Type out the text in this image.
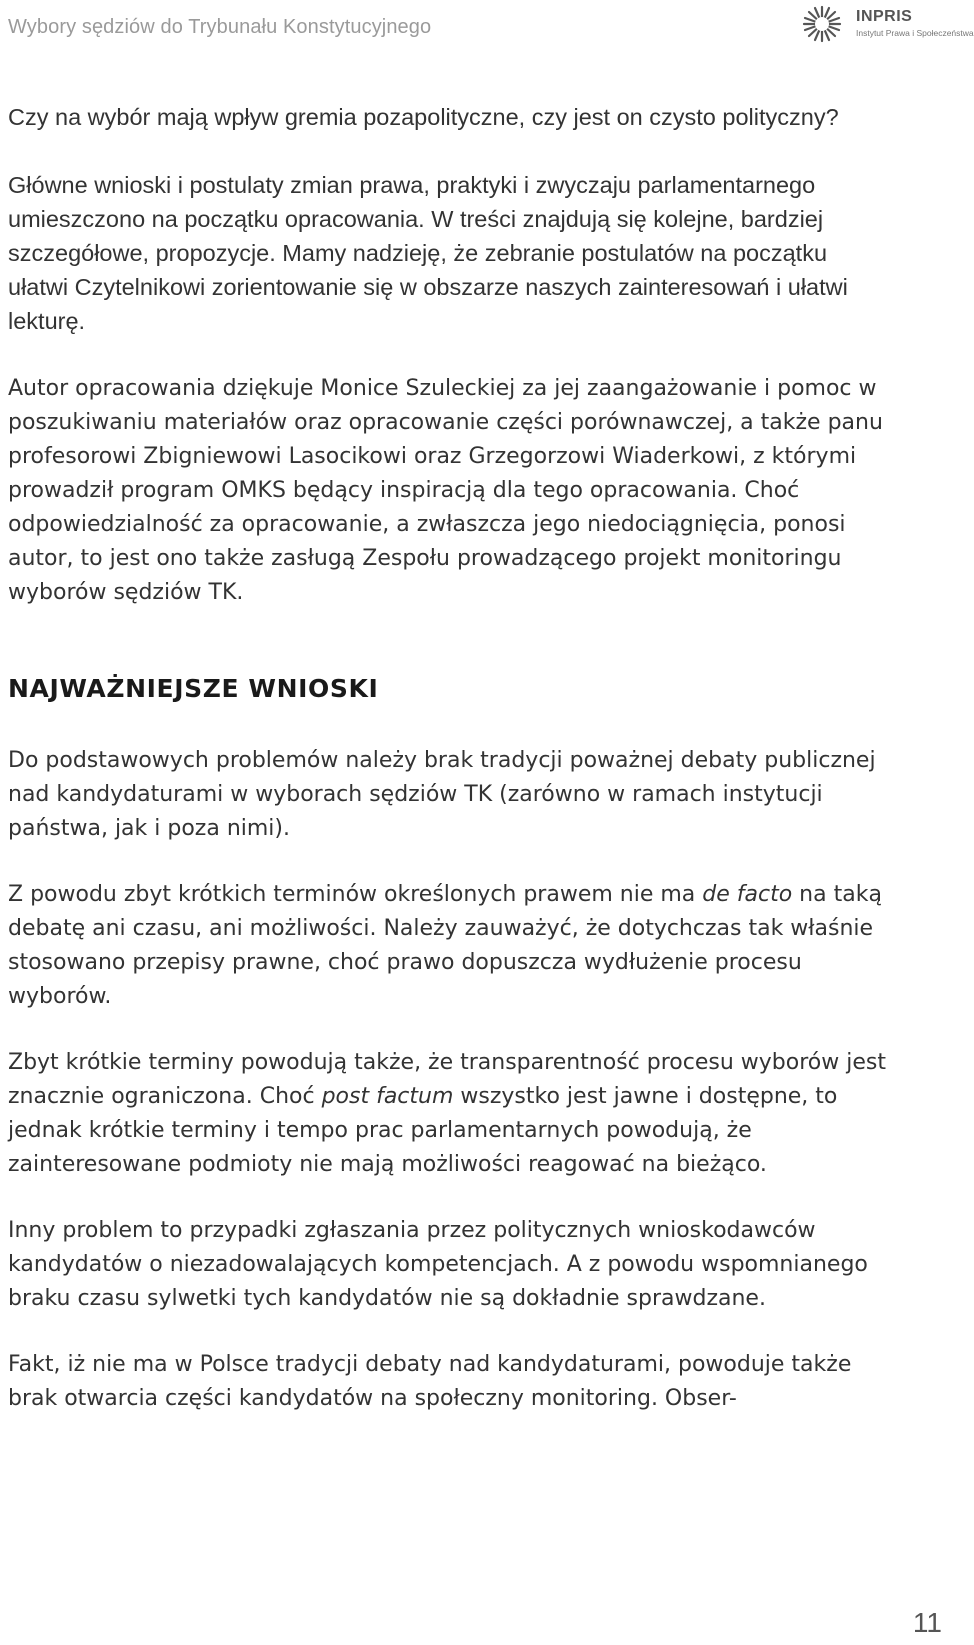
Wybory sędziów do Trybunału Konstytucyjnego	INPRIS
Instytut Prawa i Społeczeństwa

Czy na wybór mają wpływ gremia pozapolityczne, czy jest on czysto polityczny?

Główne wnioski i postulaty zmian prawa, praktyki i zwyczaju parlamentarnego umieszczono na początku opracowania. W treści znajdują się kolejne, bardziej szczegółowe, propozycje. Mamy nadzieję, że zebranie postulatów na początku ułatwi Czytelnikowi zorientowanie się w obszarze naszych zainteresowań i ułatwi lekturę.

Autor opracowania dziękuje Monice Szuleckiej za jej zaangażowanie i pomoc w poszukiwaniu materiałów oraz opracowanie części porównawczej, a także panu profesorowi Zbigniewowi Lasocikowi oraz Grzegorzowi Wiaderkowi, z którymi prowadził program OMKS będący inspiracją dla tego opracowania. Choć odpowiedzialność za opracowanie, a zwłaszcza jego niedociągnięcia, ponosi autor, to jest ono także zasługą Zespołu prowadzącego projekt monitoringu wyborów sędziów TK.

NAJWAŻNIEJSZE WNIOSKI

Do podstawowych problemów należy brak tradycji poważnej debaty publicznej nad kandydaturami w wyborach sędziów TK (zarówno w ramach instytucji państwa, jak i poza nimi).

Z powodu zbyt krótkich terminów określonych prawem nie ma de facto na taką debatę ani czasu, ani możliwości. Należy zauważyć, że dotychczas tak właśnie stosowano przepisy prawne, choć prawo dopuszcza wydłużenie procesu wyborów.

Zbyt krótkie terminy powodują także, że transparentność procesu wyborów jest znacznie ograniczona. Choć post factum wszystko jest jawne i dostępne, to jednak krótkie terminy i tempo prac parlamentarnych powodują, że zainteresowane podmioty nie mają możliwości reagować na bieżąco.

Inny problem to przypadki zgłaszania przez politycznych wnioskodawców kandydatów o niezadowalających kompetencjach. A z powodu wspomnianego braku czasu sylwetki tych kandydatów nie są dokładnie sprawdzane.

Fakt, iż nie ma w Polsce tradycji debaty nad kandydaturami, powoduje także brak otwarcia części kandydatów na społeczny monitoring. Obser-

11
